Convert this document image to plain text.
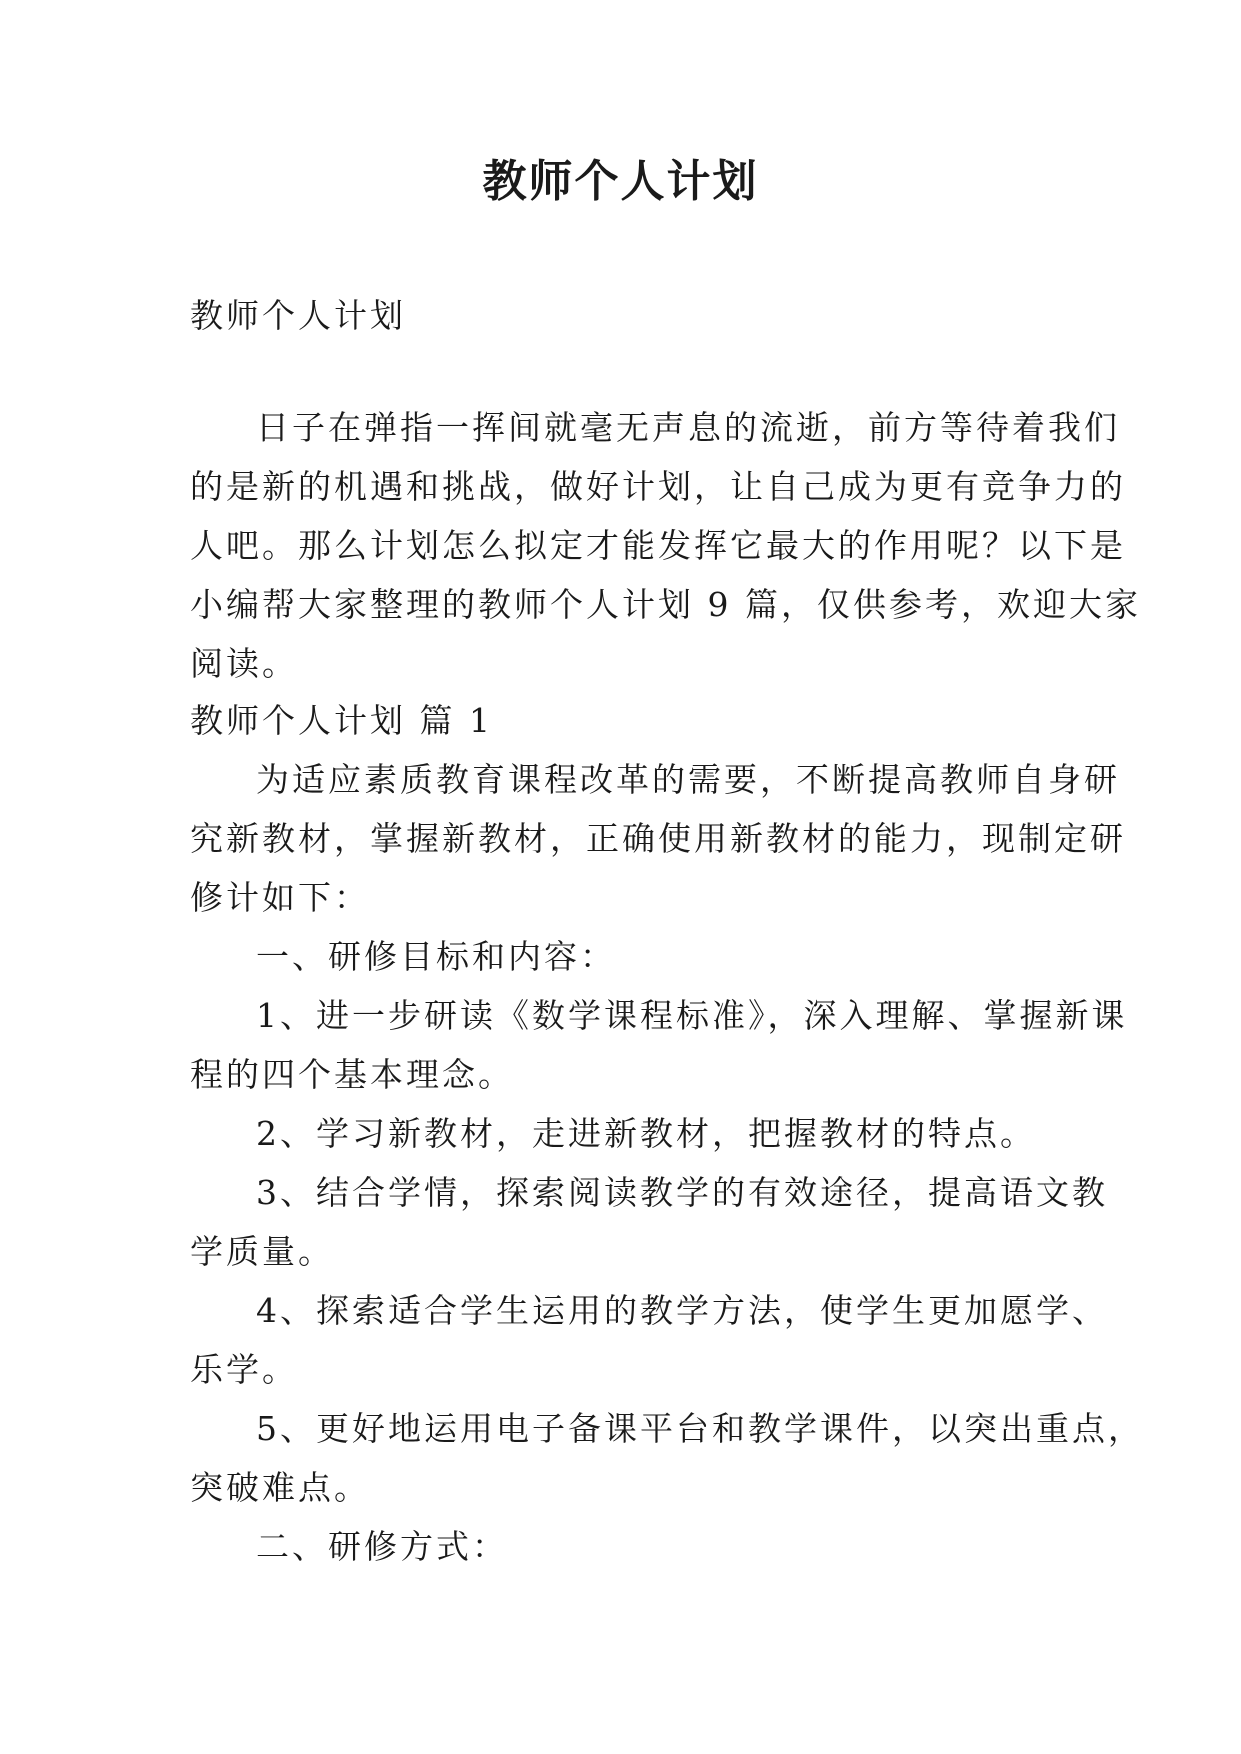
教师个人计划

教师个人计划

日子在弹指一挥间就毫无声息的流逝，前方等待着我们

的是新的机遇和挑战，做好计划，让自己成为更有竞争力的

人吧。那么计划怎么拟定才能发挥它最大的作用呢？以下是

小编帮大家整理的教师个人计划 9 篇，仅供参考，欢迎大家

阅读。

教师个人计划 篇 1

为适应素质教育课程改革的需要，不断提高教师自身研

究新教材，掌握新教材，正确使用新教材的能力，现制定研

修计如下：

一、研修目标和内容：

1、进一步研读《数学课程标准》，深入理解、掌握新课

程的四个基本理念。

2、学习新教材，走进新教材，把握教材的特点。

3、结合学情，探索阅读教学的有效途径，提高语文教

学质量。

4、探索适合学生运用的教学方法，使学生更加愿学、

乐学。

5、更好地运用电子备课平台和教学课件，以突出重点，

突破难点。

二、研修方式：
